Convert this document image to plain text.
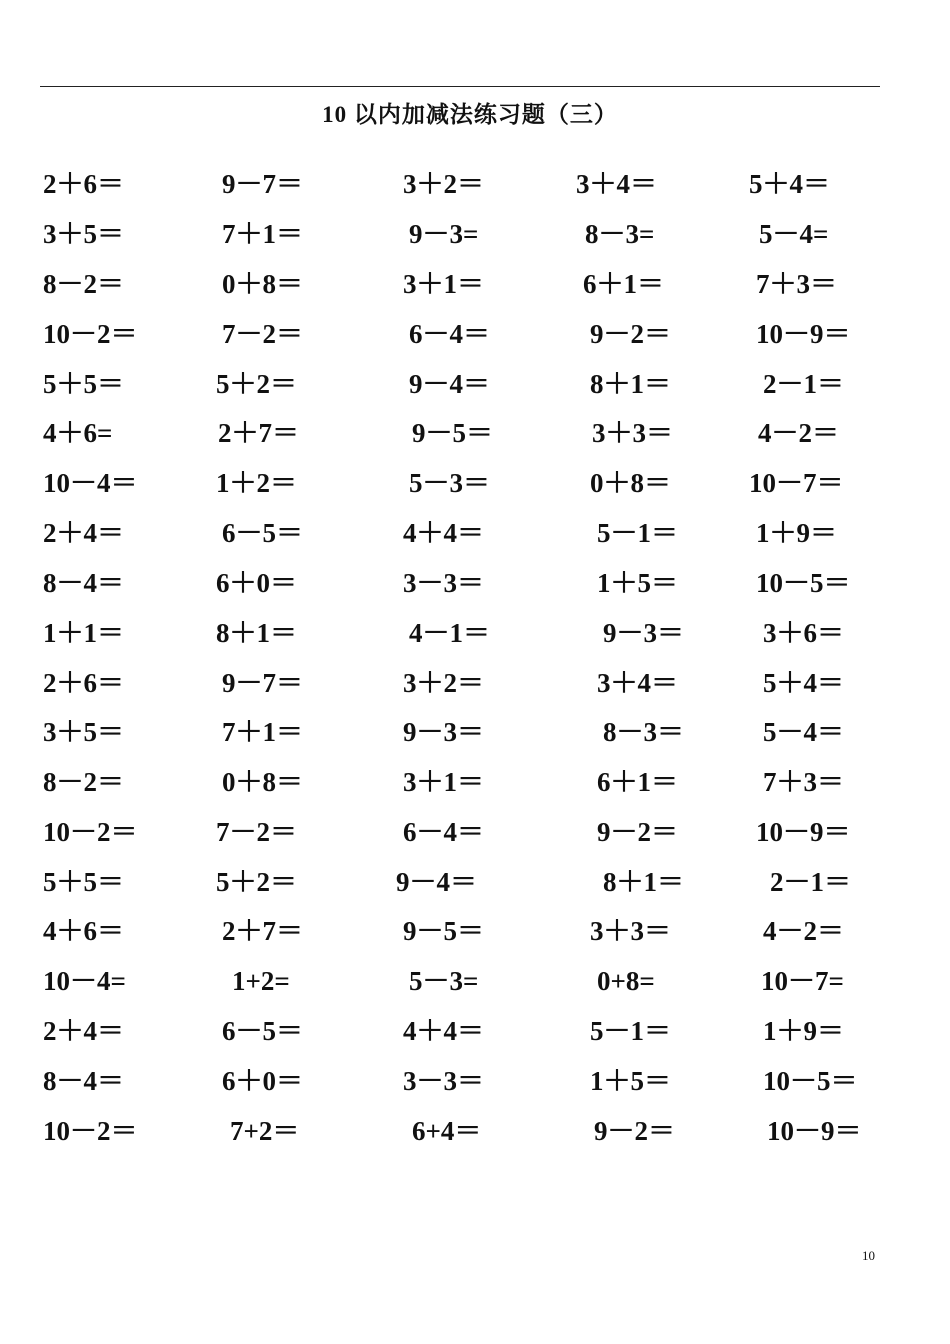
10 以内加减法练习题（三）
2＋6＝	9－7＝	3＋2＝	3＋4＝	5＋4＝
3＋5＝	7＋1＝	9－3=	8－3=	5－4=
8－2＝	0＋8＝	3＋1＝	6＋1＝	7＋3＝
10－2＝	7－2＝	6－4＝	9－2＝	10－9＝
5＋5＝	5＋2＝	9－4＝	8＋1＝	2－1＝
4＋6=	2＋7＝	9－5＝	3＋3＝	4－2＝
10－4＝	1＋2＝	5－3＝	0＋8＝	10－7＝
2＋4＝	6－5＝	4＋4＝	5－1＝	1＋9＝
8－4＝	6＋0＝	3－3＝	1＋5＝	10－5＝
1＋1＝	8＋1＝	4－1＝	9－3＝	3＋6＝
2＋6＝	9－7＝	3＋2＝	3＋4＝	5＋4＝
3＋5＝	7＋1＝	9－3＝	8－3＝	5－4＝
8－2＝	0＋8＝	3＋1＝	6＋1＝	7＋3＝
10－2＝	7－2＝	6－4＝	9－2＝	10－9＝
5＋5＝	5＋2＝	9－4＝	8＋1＝	2－1＝
4＋6＝	2＋7＝	9－5＝	3＋3＝	4－2＝
10－4=	1+2=	5－3=	0+8=	10－7=
2＋4＝	6－5＝	4＋4＝	5－1＝	1＋9＝
8－4＝	6＋0＝	3－3＝	1＋5＝	10－5＝
10－2＝	7+2＝	6+4＝	9－2＝	10－9＝
10
